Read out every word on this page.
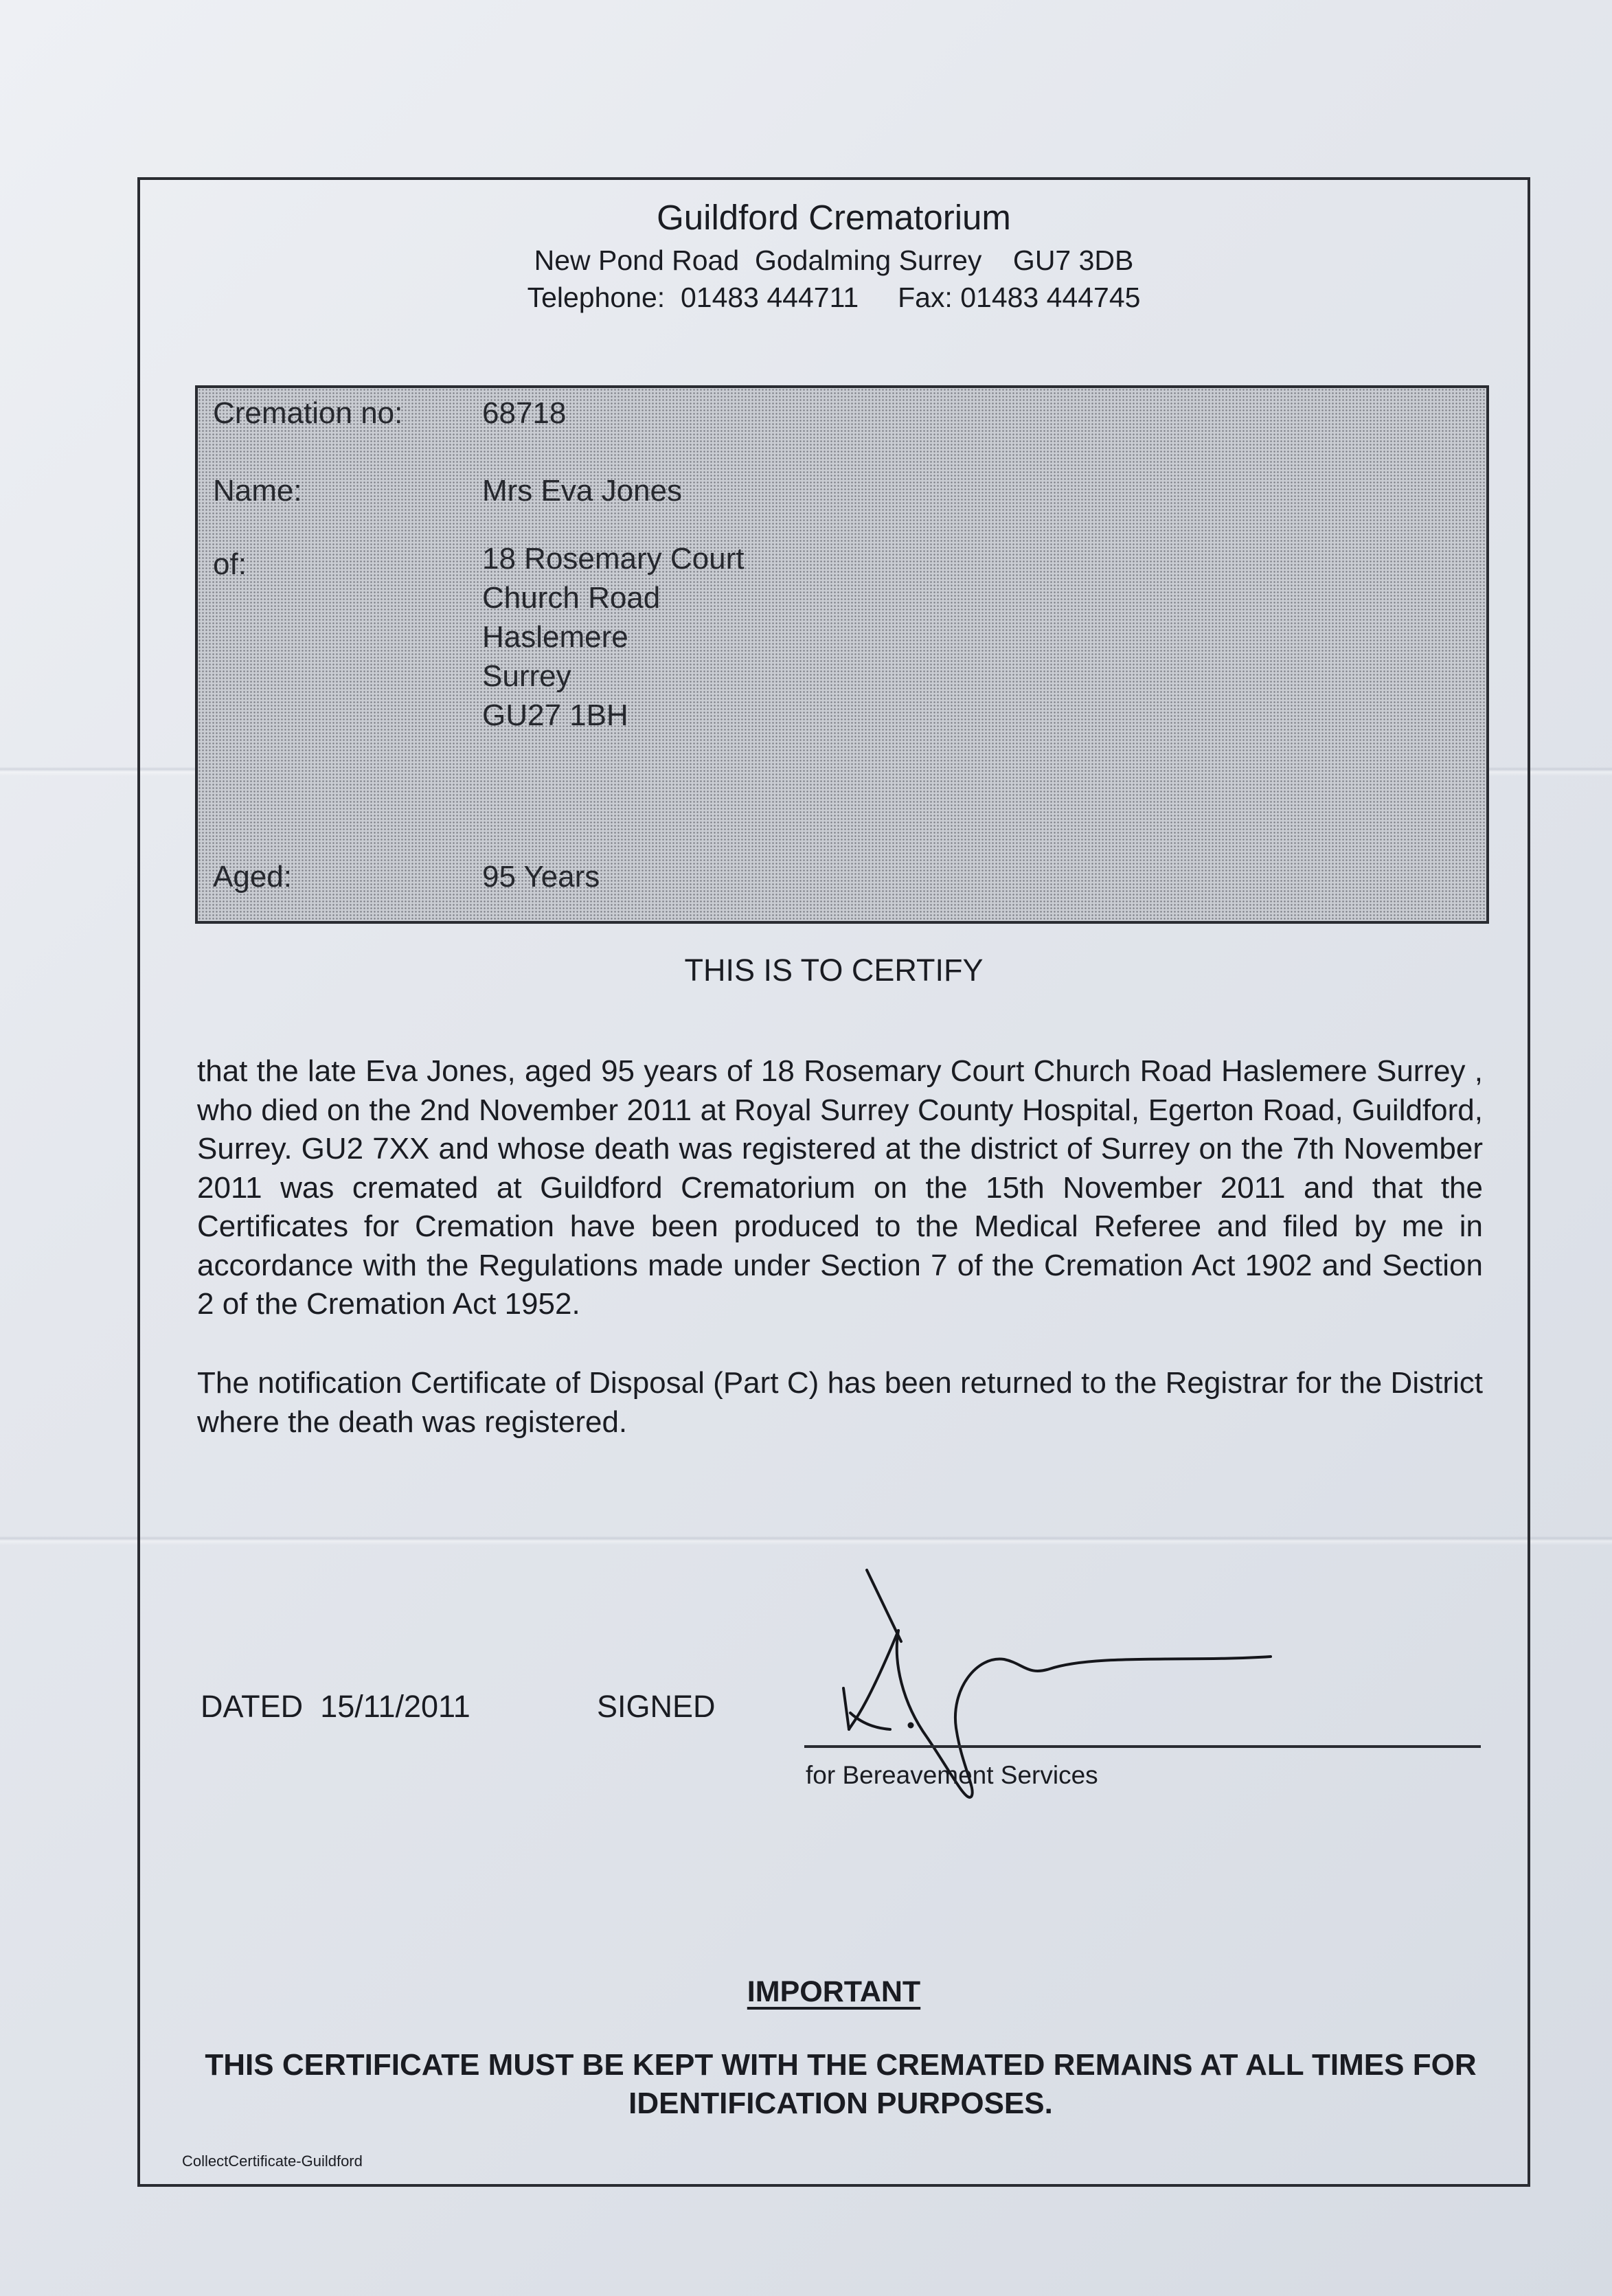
Guildford Crematorium
New Pond Road  Godalming Surrey    GU7 3DB
Telephone:  01483 444711     Fax: 01483 444745
Cremation no:	68718
Name:	Mrs Eva Jones
of:	18 Rosemary Court
Church Road
Haslemere
Surrey
GU27 1BH
Aged:	95 Years
THIS IS TO CERTIFY
that the late Eva Jones, aged 95 years of 18 Rosemary Court Church Road Haslemere Surrey , who died on the 2nd November 2011 at Royal Surrey County Hospital, Egerton Road, Guildford, Surrey. GU2 7XX and whose death was registered at the district of Surrey on the 7th November 2011 was cremated at Guildford Crematorium on the 15th November 2011 and that the Certificates for Cremation have been produced to the Medical Referee and filed by me in accordance with the Regulations made under Section 7 of the Cremation Act 1902 and Section 2 of the Cremation Act 1952.
The notification Certificate of Disposal (Part C) has been returned to the Registrar for the District where the death was registered.
DATED 15/11/2011	SIGNED
for Bereavement Services
IMPORTANT
THIS CERTIFICATE MUST BE KEPT WITH THE CREMATED REMAINS AT ALL TIMES FOR IDENTIFICATION PURPOSES.
CollectCertificate-Guildford
